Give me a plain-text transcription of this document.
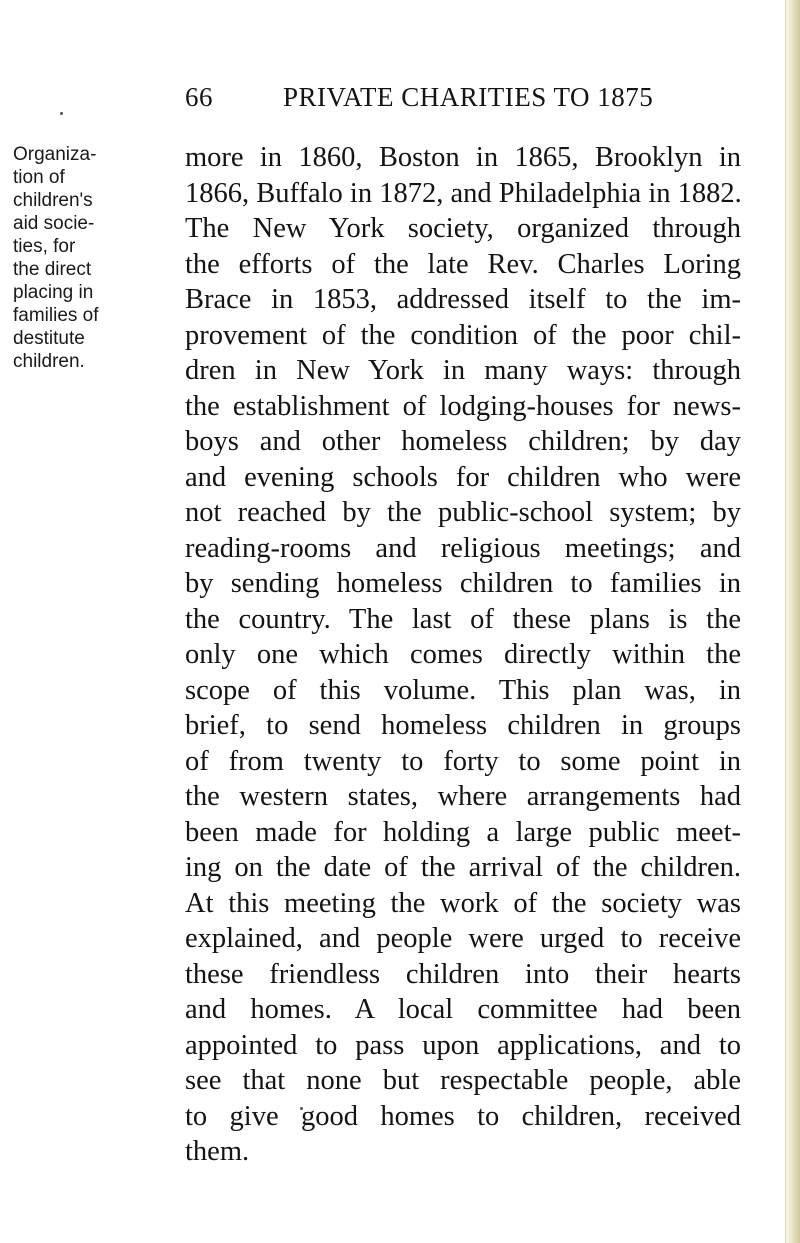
66	PRIVATE CHARITIES TO 1875
Organiza-
tion of
children's
aid socie-
ties, for
the direct
placing in
families of
destitute
children.
more in 1860, Boston in 1865, Brooklyn in
1866, Buffalo in 1872, and Philadelphia in 1882.
The New York society, organized through
the efforts of the late Rev. Charles Loring
Brace in 1853, addressed itself to the im-
provement of the condition of the poor chil-
dren in New York in many ways: through
the establishment of lodging-houses for news-
boys and other homeless children; by day
and evening schools for children who were
not reached by the public-school system; by
reading-rooms and religious meetings; and
by sending homeless children to families in
the country. The last of these plans is the
only one which comes directly within the
scope of this volume. This plan was, in
brief, to send homeless children in groups
of from twenty to forty to some point in
the western states, where arrangements had
been made for holding a large public meet-
ing on the date of the arrival of the children.
At this meeting the work of the society was
explained, and people were urged to receive
these friendless children into their hearts
and homes. A local committee had been
appointed to pass upon applications, and to
see that none but respectable people, able
to give good homes to children, received
them.
